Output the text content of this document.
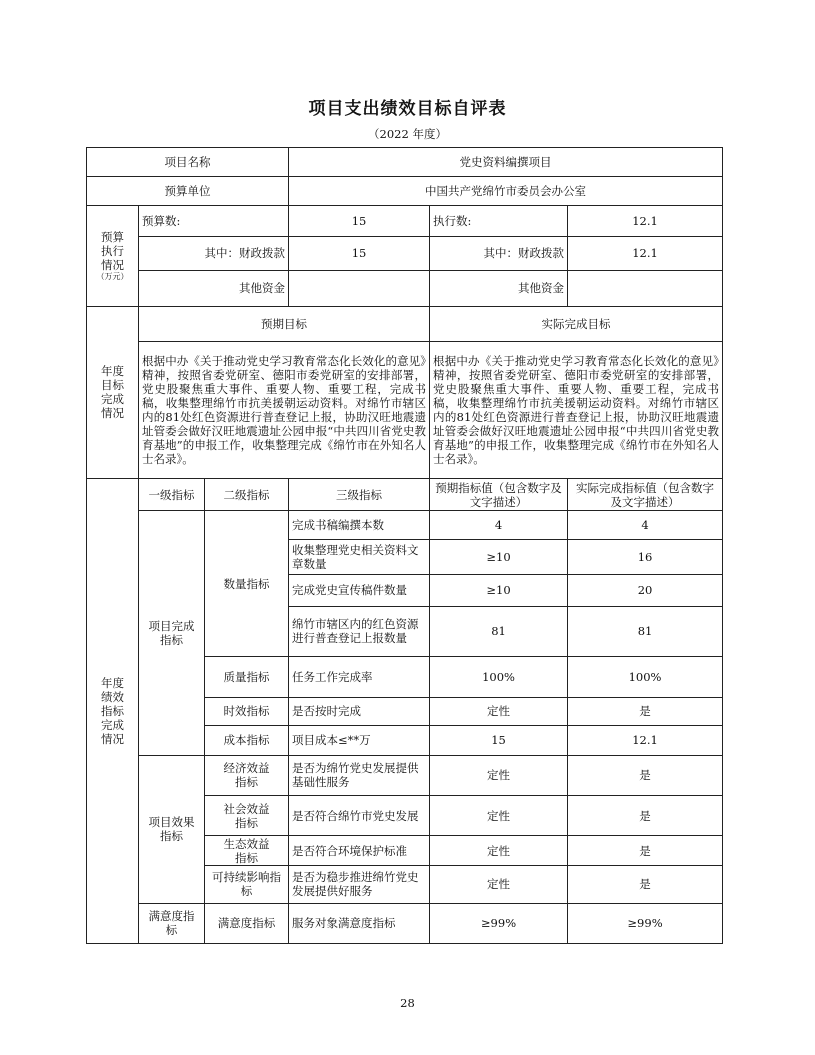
项目支出绩效目标自评表
（2022 年度）
项目名称			党史资料编撰项目		
预算单位			中国共产党绵竹市委员会办公室		

预算执行情况
（万元）	预算数:		15	执行数:	12.1
	其中：财政拨款		15	其中：财政拨款	12.1
	其他资金			其他资金	

年度目标完成情况	预期目标			实际完成目标	
	根据中办《关于推动党史学习教育常态化长效化的意见》精神，按照省委党研室、德阳市委党研室的安排部署，党史股聚焦重大事件、重要人物、重要工程，完成书稿，收集整理绵竹市抗美援朝运动资料。对绵竹市辖区内的81处红色资源进行普查登记上报，协助汉旺地震遗址管委会做好汉旺地震遗址公园申报“中共四川省党史教育基地”的申报工作，收集整理完成《绵竹市在外知名人士名录》。			根据中办《关于推动党史学习教育常态化长效化的意见》精神，按照省委党研室、德阳市委党研室的安排部署，党史股聚焦重大事件、重要人物、重要工程，完成书稿，收集整理绵竹市抗美援朝运动资料。对绵竹市辖区内的81处红色资源进行普查登记上报，协助汉旺地震遗址管委会做好汉旺地震遗址公园申报“中共四川省党史教育基地”的申报工作，收集整理完成《绵竹市在外知名人士名录》。	

年度绩效指标完成情况	一级指标	二级指标	三级指标	预期指标值（包含数字及文字描述）	实际完成指标值（包含数字及文字描述）

	项目完成指标	数量指标	完成书稿编撰本数	4	4
			收集整理党史相关资料文章数量	≥10	16
			完成党史宣传稿件数量	≥10	20
			绵竹市辖区内的红色资源进行普查登记上报数量	81	81
		质量指标	任务工作完成率	100%	100%
		时效指标	是否按时完成	定性	是
		成本指标	项目成本≤**万	15	12.1

	项目效果指标	经济效益指标	是否为绵竹党史发展提供基础性服务	定性	是

		社会效益指标	是否符合绵竹市党史发展	定性	是

		生态效益指标	是否符合环境保护标准	定性	是

		可持续影响指标	是否为稳步推进绵竹党史发展提供好服务	定性	是

	满意度指标	满意度指标	服务对象满意度指标	≥99%	≥99%
28
